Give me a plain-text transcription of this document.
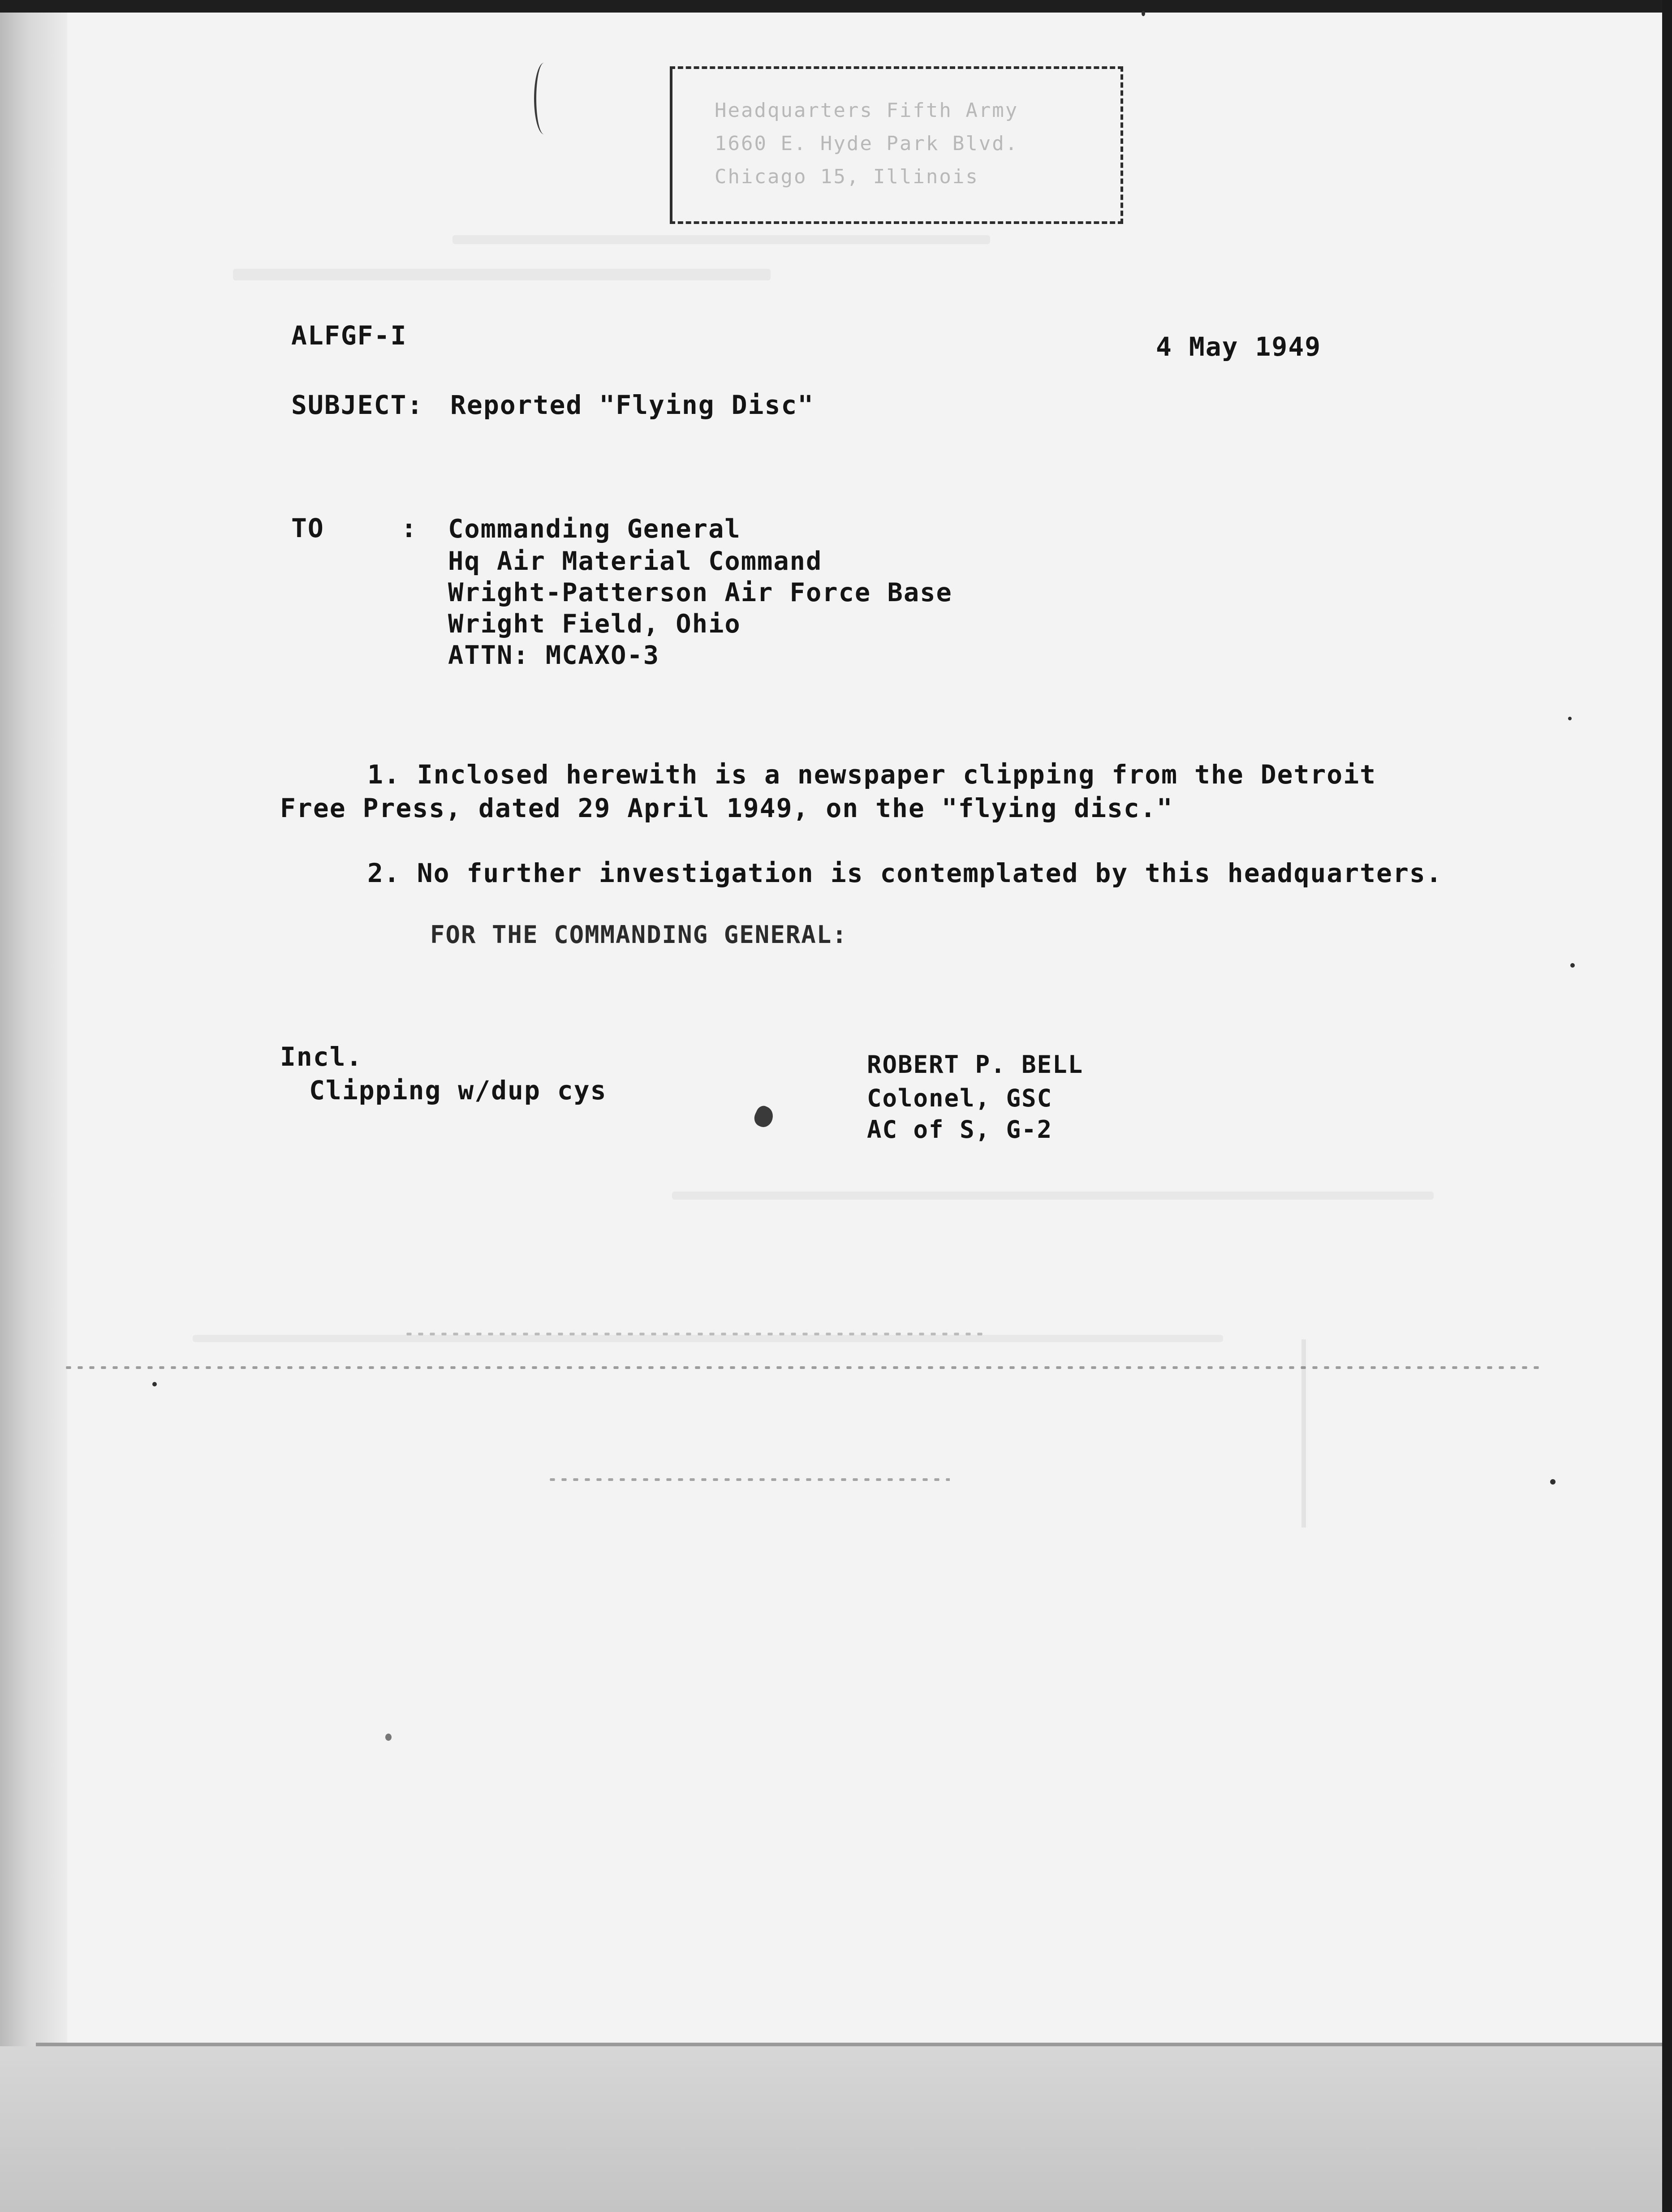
Headquarters Fifth Army
1660 E. Hyde Park Blvd.
Chicago 15, Illinois
ALFGF-I	4 May 1949
SUBJECT: Reported "Flying Disc"
TO	: Commanding General
Hq Air Material Command
Wright-Patterson Air Force Base
Wright Field, Ohio
ATTN: MCAXO-3
1. Inclosed herewith is a newspaper clipping from the Detroit
Free Press, dated 29 April 1949, on the "flying disc."
2. No further investigation is contemplated by this headquarters.
FOR THE COMMANDING GENERAL:
Incl.
Clipping w/dup cys
ROBERT P. BELL
Colonel, GSC
AC of S, G-2
